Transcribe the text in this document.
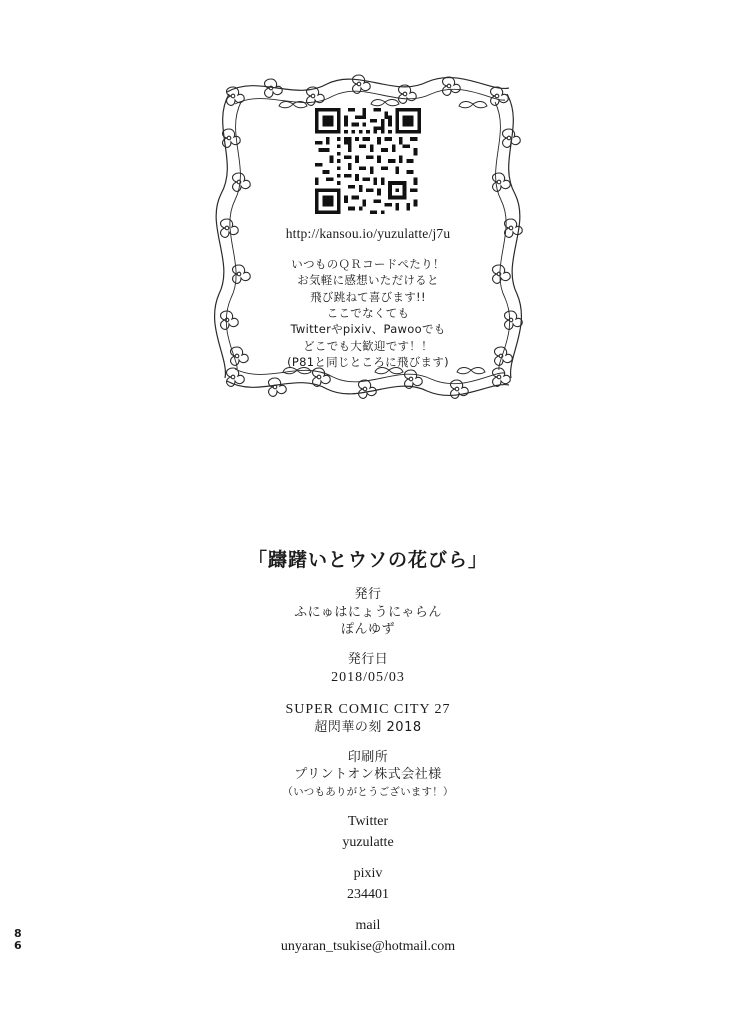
http://kansou.io/yuzulatte/j7u
いつものＱＲコードぺたり！
お気軽に感想いただけると
飛び跳ねて喜びます!!
ここでなくても
Twitterやpixiv、Pawooでも
どこでも大歓迎です！！
(P81と同じところに飛びます)
「躊躇いとウソの花びら」
発行
ふにゅはにょうにゃらん
ぽんゆず
発行日
2018/05/03
SUPER COMIC CITY 27
超閃華の刻 2018
印刷所
プリントオン株式会社様
（いつもありがとうございます！）
Twitter
yuzulatte
pixiv
234401
mail
unyaran_tsukise@hotmail.com
8
6
